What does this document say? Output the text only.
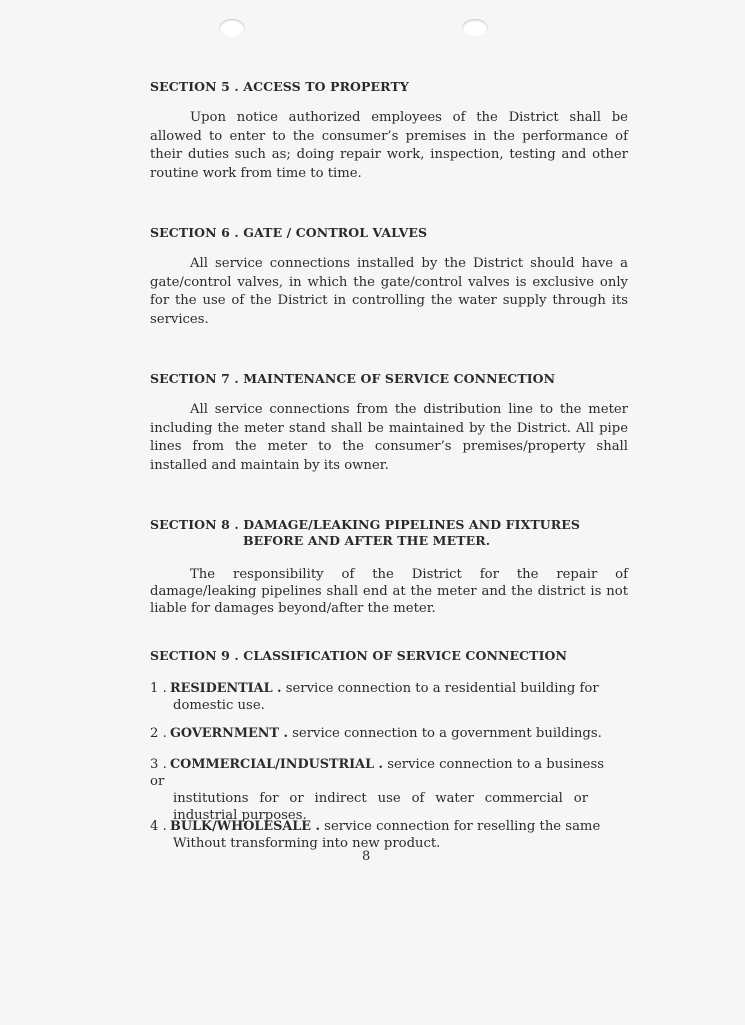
SECTION 5 . ACCESS TO PROPERTY
Upon notice authorized employees of the District shall be allowed to enter to the consumer’s premises in the performance of their duties such as; doing repair work, inspection, testing and other routine work from time to time.
SECTION 6 . GATE / CONTROL VALVES
All service connections installed by the District should have a gate/control valves, in which the gate/control valves is exclusive only for the use of the District in controlling the water supply through its services.
SECTION 7 . MAINTENANCE OF SERVICE CONNECTION
All service connections from the distribution line to the meter including the meter stand shall be maintained by the District. All pipe lines from the meter to the consumer’s premises/property shall installed and maintain by its owner.
SECTION 8 . DAMAGE/LEAKING PIPELINES AND FIXTURES
BEFORE AND AFTER THE METER.
The responsibility of the District for the repair of damage/leaking pipelines shall end at the meter and the district is not liable for damages beyond/after the meter.
SECTION 9 . CLASSIFICATION OF SERVICE CONNECTION
1 . RESIDENTIAL . service connection to a residential building for
domestic use.
2 . GOVERNMENT . service connection to a government buildings.
3 . COMMERCIAL/INDUSTRIAL . service connection to a business or
institutions for or indirect use of water commercial or industrial purposes.
4 . BULK/WHOLESALE . service connection for reselling the same
Without transforming into new product.
8
